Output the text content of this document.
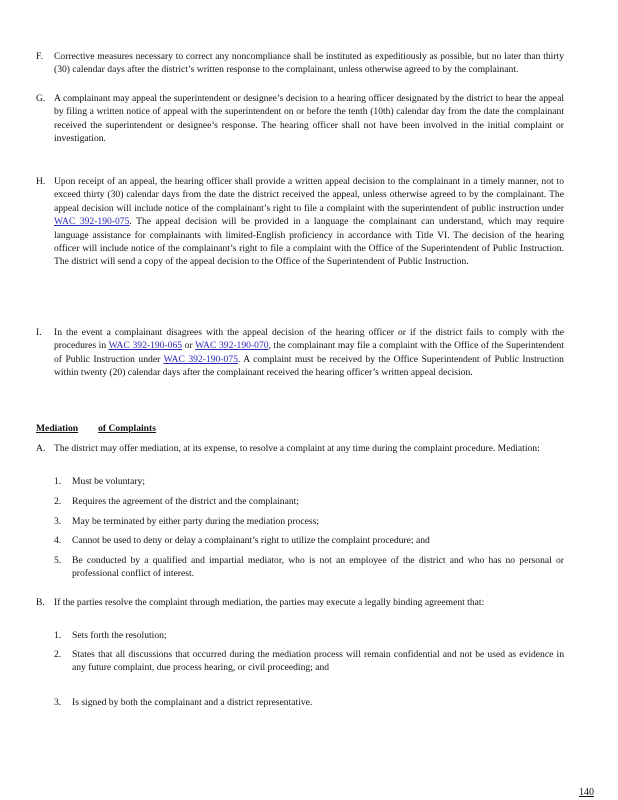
F. Corrective measures necessary to correct any noncompliance shall be instituted as expeditiously as possible, but no later than thirty (30) calendar days after the district’s written response to the complainant, unless otherwise agreed to by the complainant.
G. A complainant may appeal the superintendent or designee’s decision to a hearing officer designated by the district to hear the appeal by filing a written notice of appeal with the superintendent on or before the tenth (10th) calendar day from the date the complainant received the superintendent or designee’s response. The hearing officer shall not have been involved in the initial complaint or investigation.
H. Upon receipt of an appeal, the hearing officer shall provide a written appeal decision to the complainant in a timely manner, not to exceed thirty (30) calendar days from the date the district received the appeal, unless otherwise agreed to by the complainant. The appeal decision will include notice of the complainant’s right to file a complaint with the superintendent of public instruction under WAC 392-190-075. The appeal decision will be provided in a language the complainant can understand, which may require language assistance for complainants with limited-English proficiency in accordance with Title VI. The decision of the hearing officer will include notice of the complainant’s right to file a complaint with the Office of the Superintendent of Public Instruction. The district will send a copy of the appeal decision to the Office of the Superintendent of Public Instruction.
I. In the event a complainant disagrees with the appeal decision of the hearing officer or if the district fails to comply with the procedures in WAC 392-190-065 or WAC 392-190-070, the complainant may file a complaint with the Office of the Superintendent of Public Instruction under WAC 392-190-075. A complaint must be received by the Office Superintendent of Public Instruction within twenty (20) calendar days after the complainant received the hearing officer’s written appeal decision.
Mediation of Complaints
A. The district may offer mediation, at its expense, to resolve a complaint at any time during the complaint procedure. Mediation:
1. Must be voluntary;
2. Requires the agreement of the district and the complainant;
3. May be terminated by either party during the mediation process;
4. Cannot be used to deny or delay a complainant’s right to utilize the complaint procedure; and
5. Be conducted by a qualified and impartial mediator, who is not an employee of the district and who has no personal or professional conflict of interest.
B. If the parties resolve the complaint through mediation, the parties may execute a legally binding agreement that:
1. Sets forth the resolution;
2. States that all discussions that occurred during the mediation process will remain confidential and not be used as evidence in any future complaint, due process hearing, or civil proceeding; and
3. Is signed by both the complainant and a district representative.
140
